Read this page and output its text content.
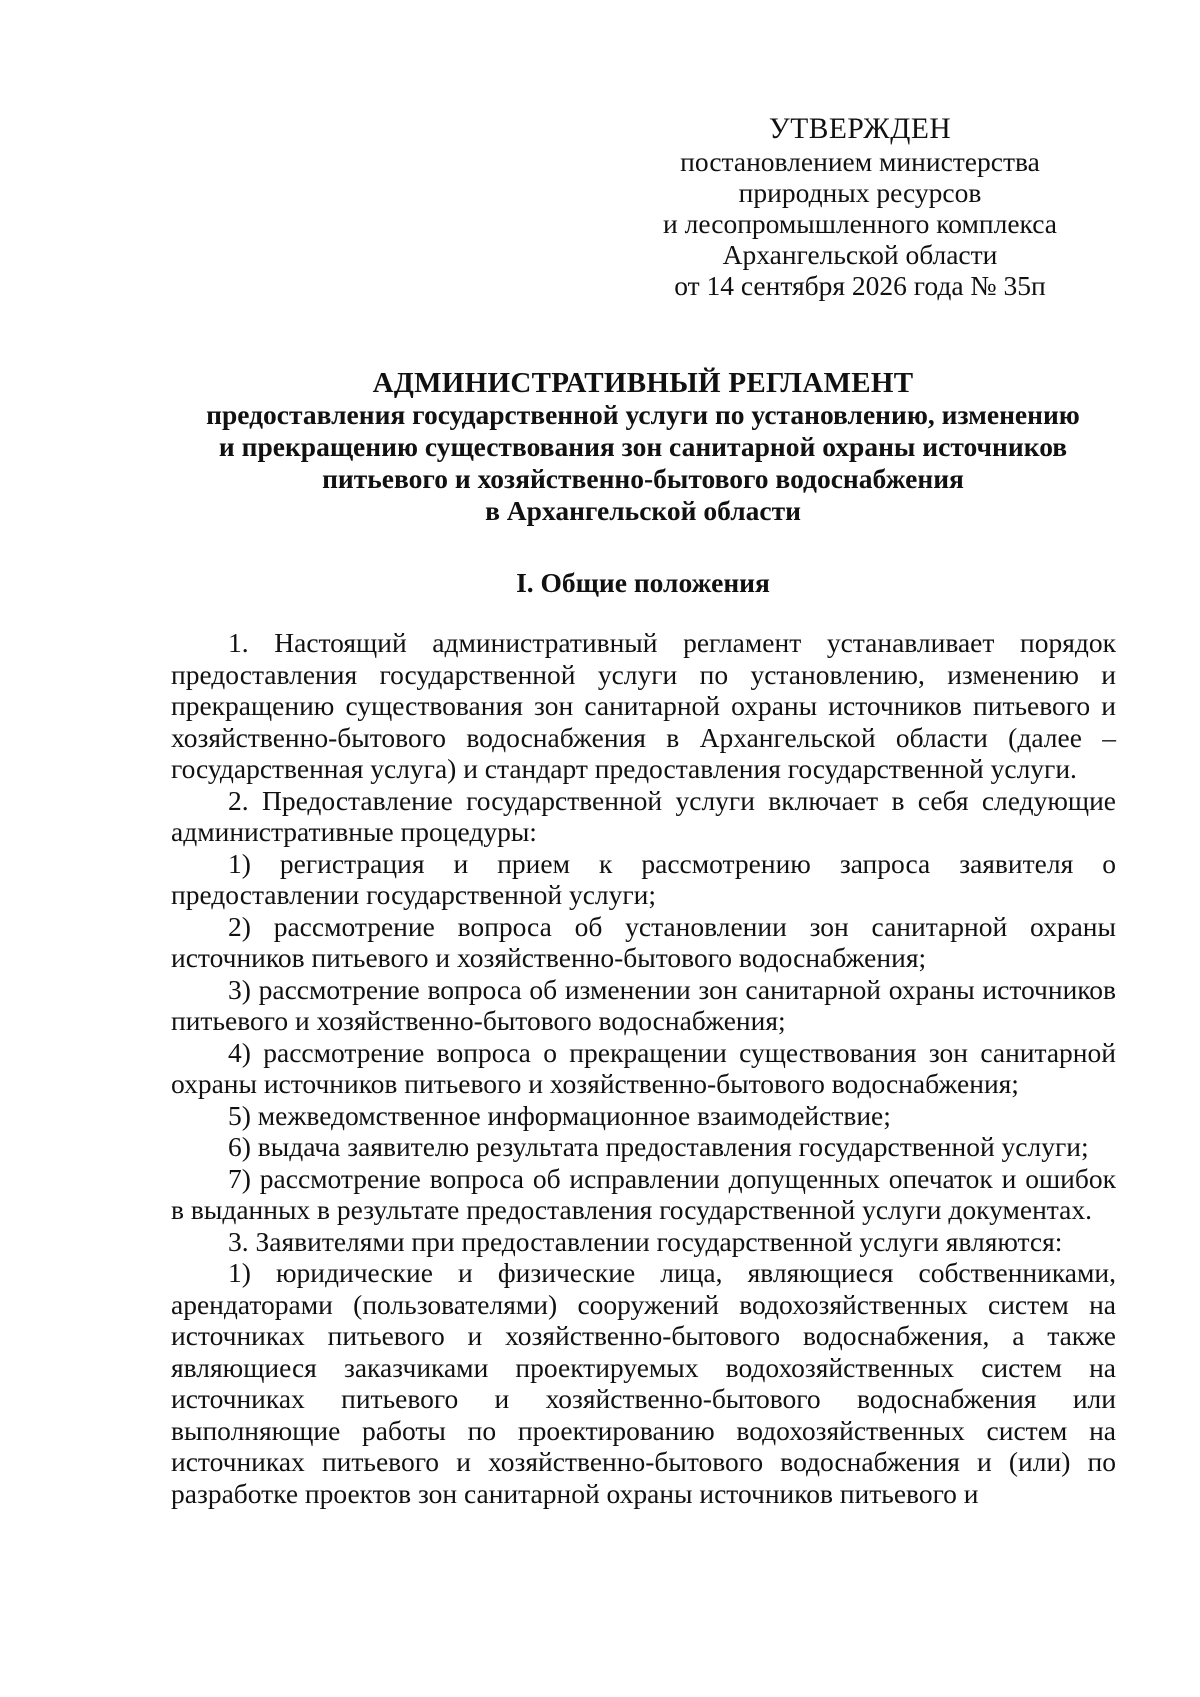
УТВЕРЖДЕН
постановлением министерства
природных ресурсов
и лесопромышленного комплекса
Архангельской области
от 14 сентября 2026 года № 35п
АДМИНИСТРАТИВНЫЙ РЕГЛАМЕНТ
предоставления государственной услуги по установлению, изменению
и прекращению существования зон санитарной охраны источников
питьевого и хозяйственно-бытового водоснабжения
в Архангельской области
I. Общие положения

1. Настоящий административный регламент устанавливает порядок предоставления государственной услуги по установлению, изменению и прекращению существования зон санитарной охраны источников питьевого и хозяйственно-бытового водоснабжения в Архангельской области (далее – государственная услуга) и стандарт предоставления государственной услуги.

2. Предоставление государственной услуги включает в себя следующие административные процедуры:

1) регистрация и прием к рассмотрению запроса заявителя о предоставлении государственной услуги;

2) рассмотрение вопроса об установлении зон санитарной охраны источников питьевого и хозяйственно-бытового водоснабжения;

3) рассмотрение вопроса об изменении зон санитарной охраны источников питьевого и хозяйственно-бытового водоснабжения;

4) рассмотрение вопроса о прекращении существования зон санитарной охраны источников питьевого и хозяйственно-бытового водоснабжения;

5) межведомственное информационное взаимодействие;

6) выдача заявителю результата предоставления государственной услуги;

7) рассмотрение вопроса об исправлении допущенных опечаток и ошибок в выданных в результате предоставления государственной услуги документах.

3. Заявителями при предоставлении государственной услуги являются:

1) юридические и физические лица, являющиеся собственниками, арендаторами (пользователями) сооружений водохозяйственных систем на источниках питьевого и хозяйственно-бытового водоснабжения, а также являющиеся заказчиками проектируемых водохозяйственных систем на источниках питьевого и хозяйственно-бытового водоснабжения или выполняющие работы по проектированию водохозяйственных систем на источниках питьевого и хозяйственно-бытового водоснабжения и (или) по разработке проектов зон санитарной охраны источников питьевого и
